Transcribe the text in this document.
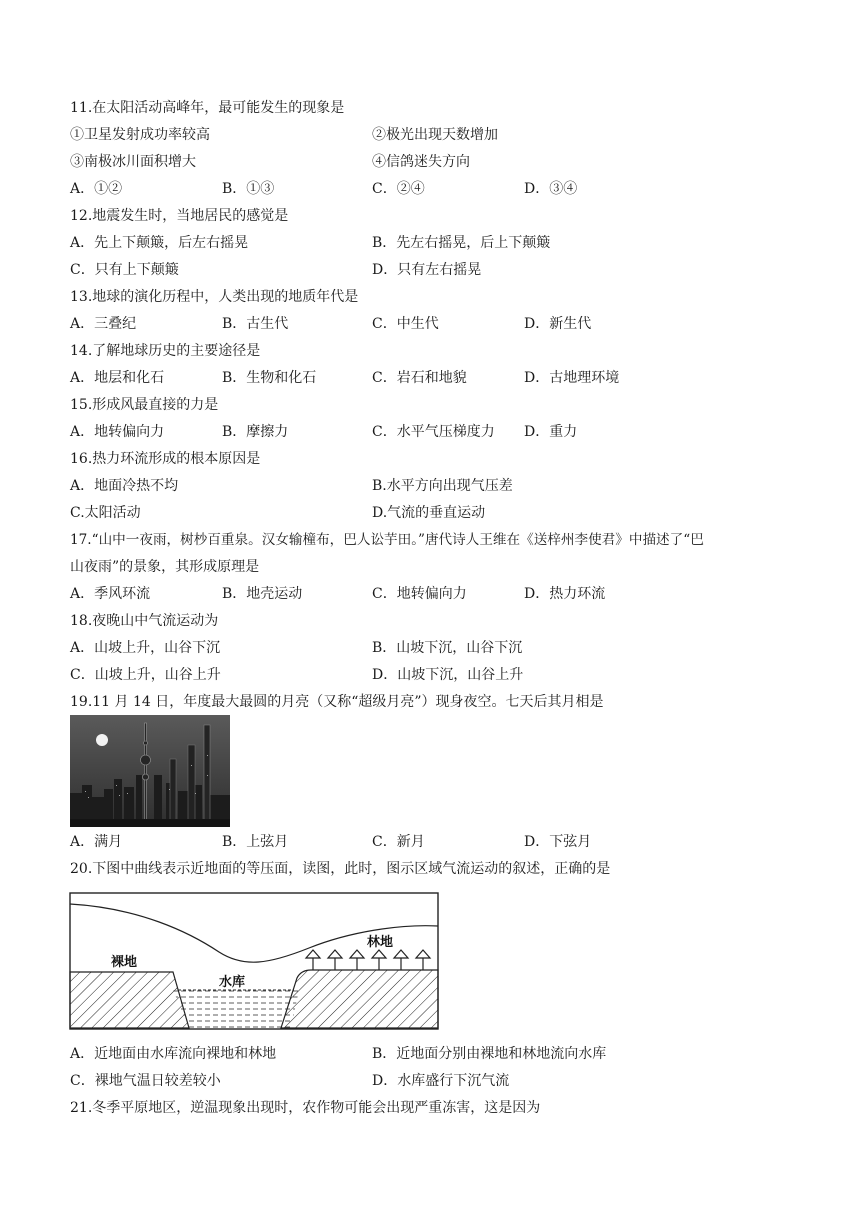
11.在太阳活动高峰年，最可能发生的现象是
①卫星发射成功率较高	②极光出现天数增加
③南极冰川面积增大	④信鸽迷失方向
A．①②	B．①③	C．②④	D．③④
12.地震发生时，当地居民的感觉是
A．先上下颠簸，后左右摇晃	B．先左右摇晃，后上下颠簸
C．只有上下颠簸	D．只有左右摇晃
13.地球的演化历程中，人类出现的地质年代是
A．三叠纪	B．古生代	C．中生代	D．新生代
14.了解地球历史的主要途径是
A．地层和化石	B．生物和化石	C．岩石和地貌	D．古地理环境
15.形成风最直接的力是
A．地转偏向力	B．摩擦力	C．水平气压梯度力 D．重力
16.热力环流形成的根本原因是
A．地面冷热不均	B.水平方向出现气压差
C.太阳活动	D.气流的垂直运动
17.“山中一夜雨，树杪百重泉。汉女输橦布，巴人讼芋田。”唐代诗人王维在《送梓州李使君》中描述了“巴
山夜雨”的景象，其形成原理是
A．季风环流	B．地壳运动	C．地转偏向力	D．热力环流
18.夜晚山中气流运动为
A．山坡上升，山谷下沉	B．山坡下沉，山谷下沉
C．山坡上升，山谷上升	D．山坡下沉，山谷上升
19.11 月 14 日，年度最大最圆的月亮（又称“超级月亮”）现身夜空。七天后其月相是
A．满月	B．上弦月	C．新月	D．下弦月
20.下图中曲线表示近地面的等压面，读图，此时，图示区域气流运动的叙述，正确的是
裸地
水库
林地
A．近地面由水库流向裸地和林地	B．近地面分别由裸地和林地流向水库
C．裸地气温日较差较小	D．水库盛行下沉气流
21.冬季平原地区，逆温现象出现时，农作物可能会出现严重冻害，这是因为
